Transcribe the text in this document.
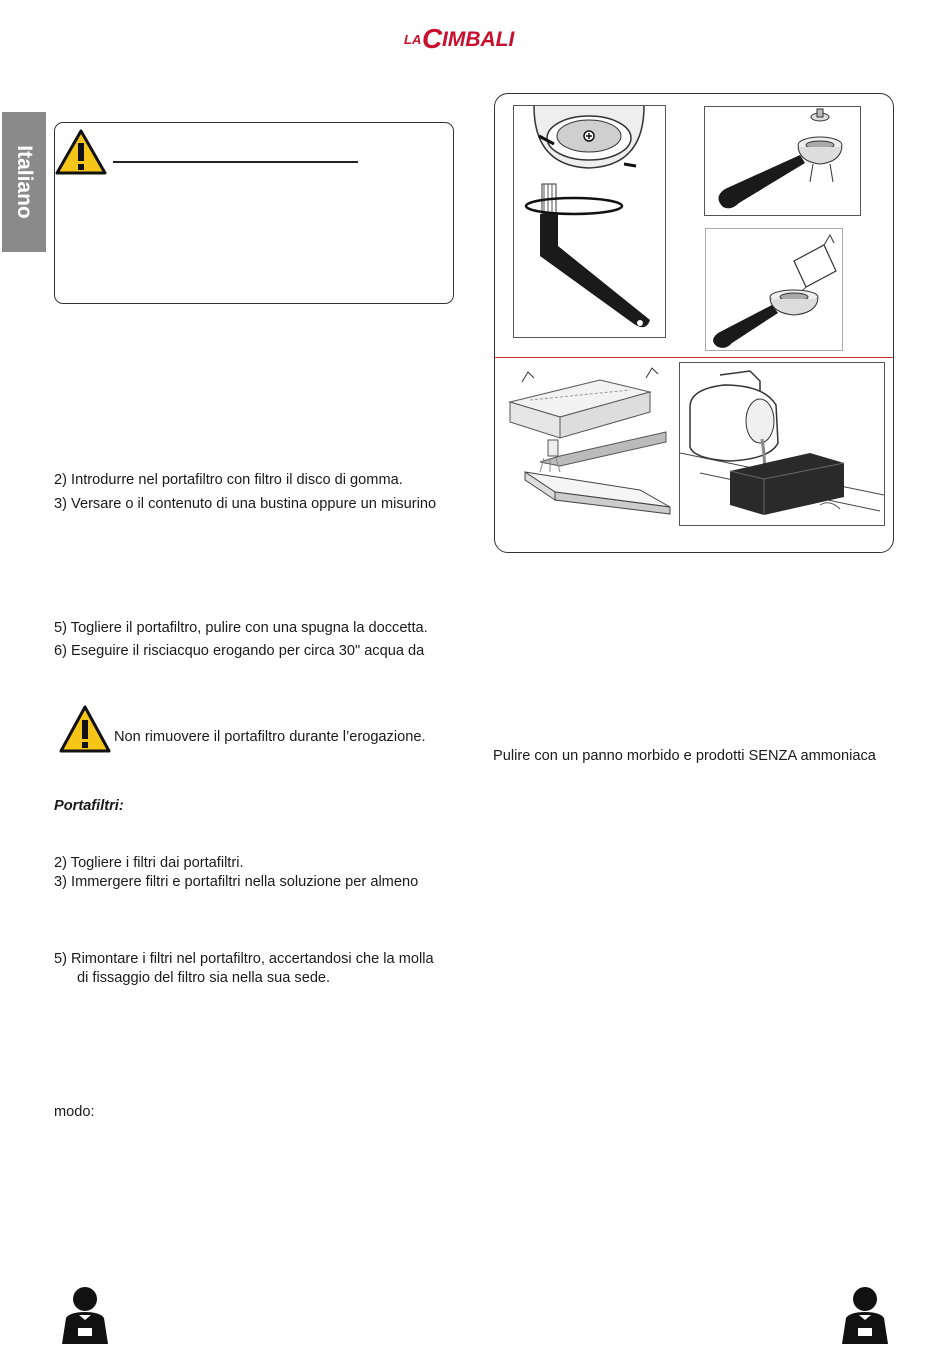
LA C IMBALI
Italiano
2) Introdurre nel portafiltro con filtro il disco di gomma.
3) Versare o il contenuto di una bustina oppure un misurino
5) Togliere il portafiltro, pulire con una spugna la doccetta.
6) Eseguire il risciacquo erogando per circa 30" acqua da
Non rimuovere il portafiltro durante l’erogazione.
Portafiltri:
2) Togliere i filtri dai portafiltri.
3) Immergere filtri e portafiltri nella soluzione per almeno
5) Rimontare i filtri nel portafiltro, accertandosi che la molla
di fissaggio del filtro sia nella sua sede.
modo:
Pulire con un panno morbido e prodotti SENZA ammoniaca
